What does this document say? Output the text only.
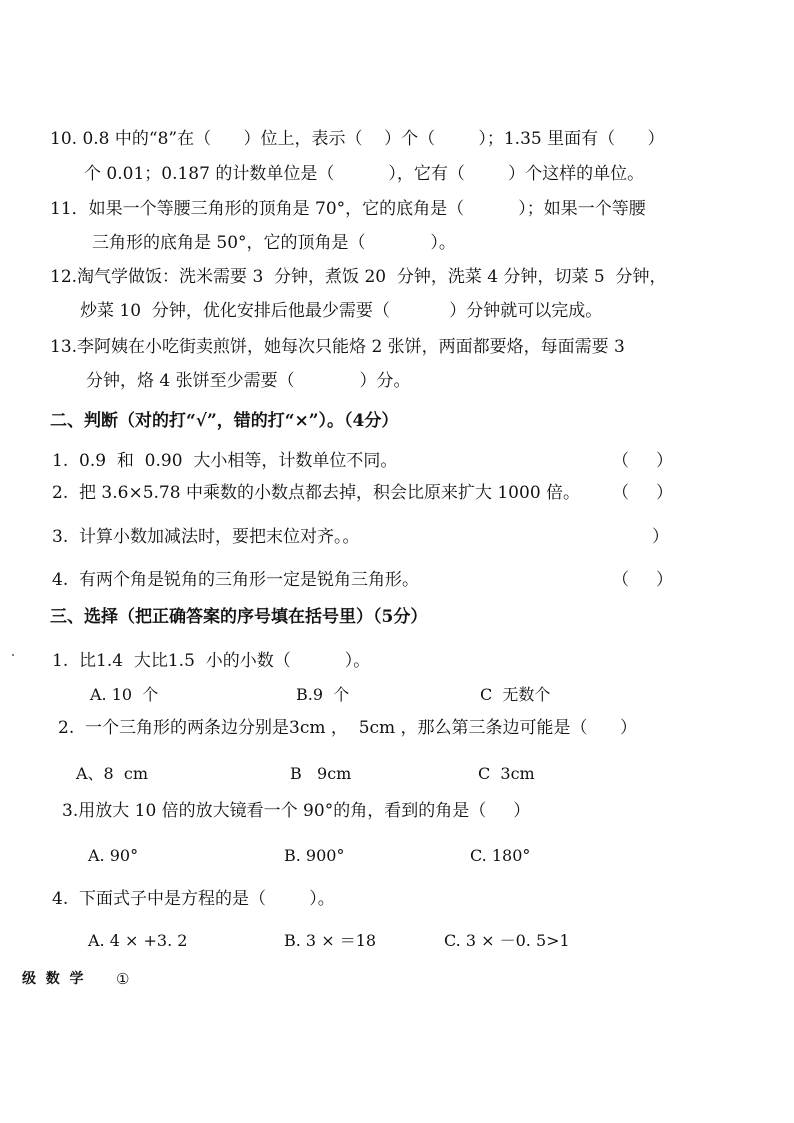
10. 0.8 中的“8”在（      ）位上，表示（    ）个（        ）；1.35 里面有（      ）
个 0.01；0.187 的计数单位是（          ），它有（        ）个这样的单位。
11．如果一个等腰三角形的顶角是 70°，它的底角是（          ）；如果一个等腰
三角形的底角是 50°，它的顶角是（            ）。
12.淘气学做饭：洗米需要 3  分钟，煮饭 20  分钟，洗菜 4 分钟，切菜 5  分钟，
炒菜 10  分钟，优化安排后他最少需要（           ）分钟就可以完成。
13.李阿姨在小吃街卖煎饼，她每次只能烙 2 张饼，两面都要烙，每面需要 3
分钟，烙 4 张饼至少需要（            ）分。
二、判断（对的打“√”，错的打“×”）。（4分）
1.  0.9  和  0.90  大小相等，计数单位不同。	（     ）
2.  把 3.6×5.78 中乘数的小数点都去掉，积会比原来扩大 1000 倍。 （     ）
3.  计算小数加减法时，要把末位对齐。。	）
4.  有两个角是锐角的三角形一定是锐角三角形。	（     ）
三、选择（把正确答案的序号填在括号里）（5分）
1.  比1.4  大比1.5  小的小数（          ）。
A. 10  个	B.9  个	C  无数个
2.  一个三角形的两条边分别是3cm ，  5cm ，那么第三条边可能是（      ）
A、8  cm	B   9cm	C  3cm
3.用放大 10 倍的放大镜看一个 90°的角，看到的角是（     ）
A. 90°	B. 900°	C. 180°
4.  下面式子中是方程的是（        ）。
A. 4 × +3. 2	B. 3 × ＝18	C. 3 × －0. 5>1
级  数  学 ①
